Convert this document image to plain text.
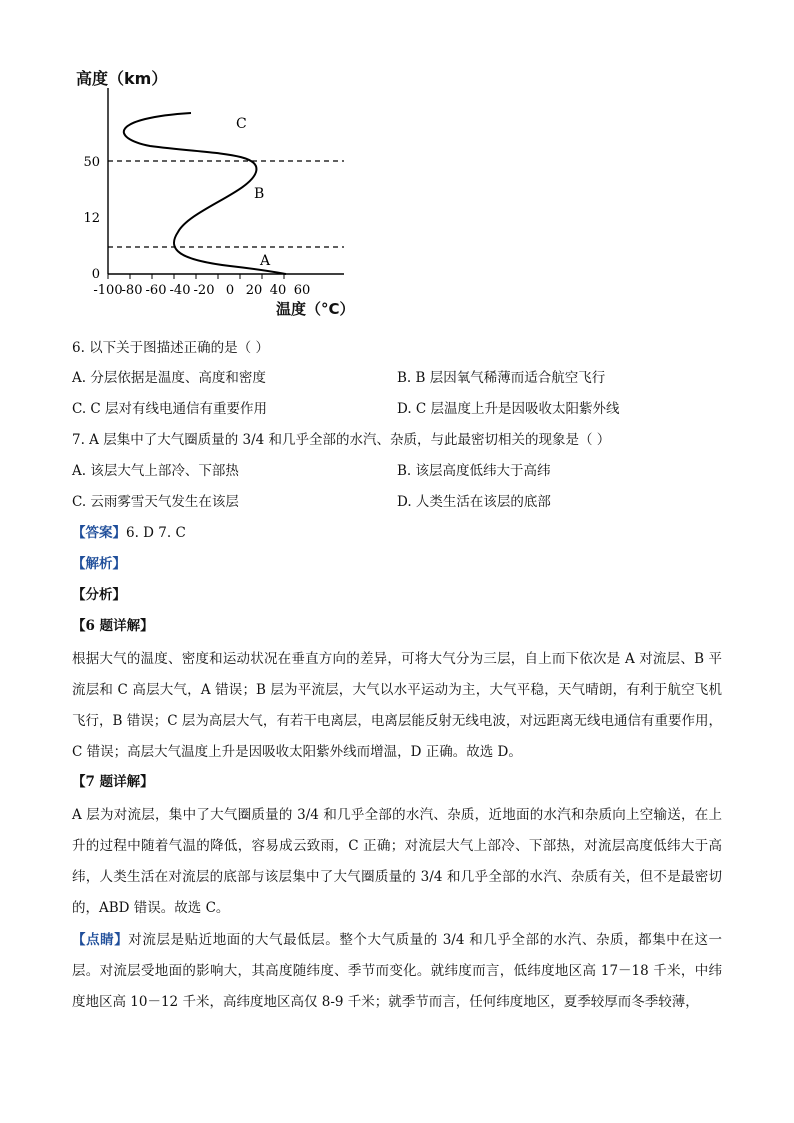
-100
-80 -60 -40 -20 0 20 40 60
0
12
50
A
B
C
高度（km）
温度（°C）
6. 以下关于图描述正确的是（ ）
A. 分层依据是温度、高度和密度	B. B 层因氧气稀薄而适合航空飞行
C. C 层对有线电通信有重要作用	D. C 层温度上升是因吸收太阳紫外线
7. A 层集中了大气圈质量的 3/4 和几乎全部的水汽、杂质，与此最密切相关的现象是（ ）
A. 该层大气上部冷、下部热	B. 该层高度低纬大于高纬
C. 云雨雾雪天气发生在该层	D. 人类生活在该层的底部
【答案】6. D 7. C
【解析】
【分析】
【6 题详解】

根据大气的温度、密度和运动状况在垂直方向的差异，可将大气分为三层，自上而下依次是 A 对流层、B 平流层和 C 高层大气，A 错误；B 层为平流层，大气以水平运动为主，大气平稳，天气晴朗，有利于航空飞机飞行，B 错误；C 层为高层大气，有若干电离层，电离层能反射无线电波，对远距离无线电通信有重要作用，C 错误；高层大气温度上升是因吸收太阳紫外线而增温，D 正确。故选 D。

【7 题详解】

A 层为对流层，集中了大气圈质量的 3/4 和几乎全部的水汽、杂质，近地面的水汽和杂质向上空输送，在上升的过程中随着气温的降低，容易成云致雨，C 正确；对流层大气上部冷、下部热，对流层高度低纬大于高纬，人类生活在对流层的底部与该层集中了大气圈质量的 3/4 和几乎全部的水汽、杂质有关，但不是最密切的，ABD 错误。故选 C。

【点睛】对流层是贴近地面的大气最低层。整个大气质量的 3/4 和几乎全部的水汽、杂质，都集中在这一层。对流层受地面的影响大，其高度随纬度、季节而变化。就纬度而言，低纬度地区高 17－18 千米，中纬度地区高 10－12 千米，高纬度地区高仅 8-9 千米；就季节而言，任何纬度地区，夏季较厚而冬季较薄，
